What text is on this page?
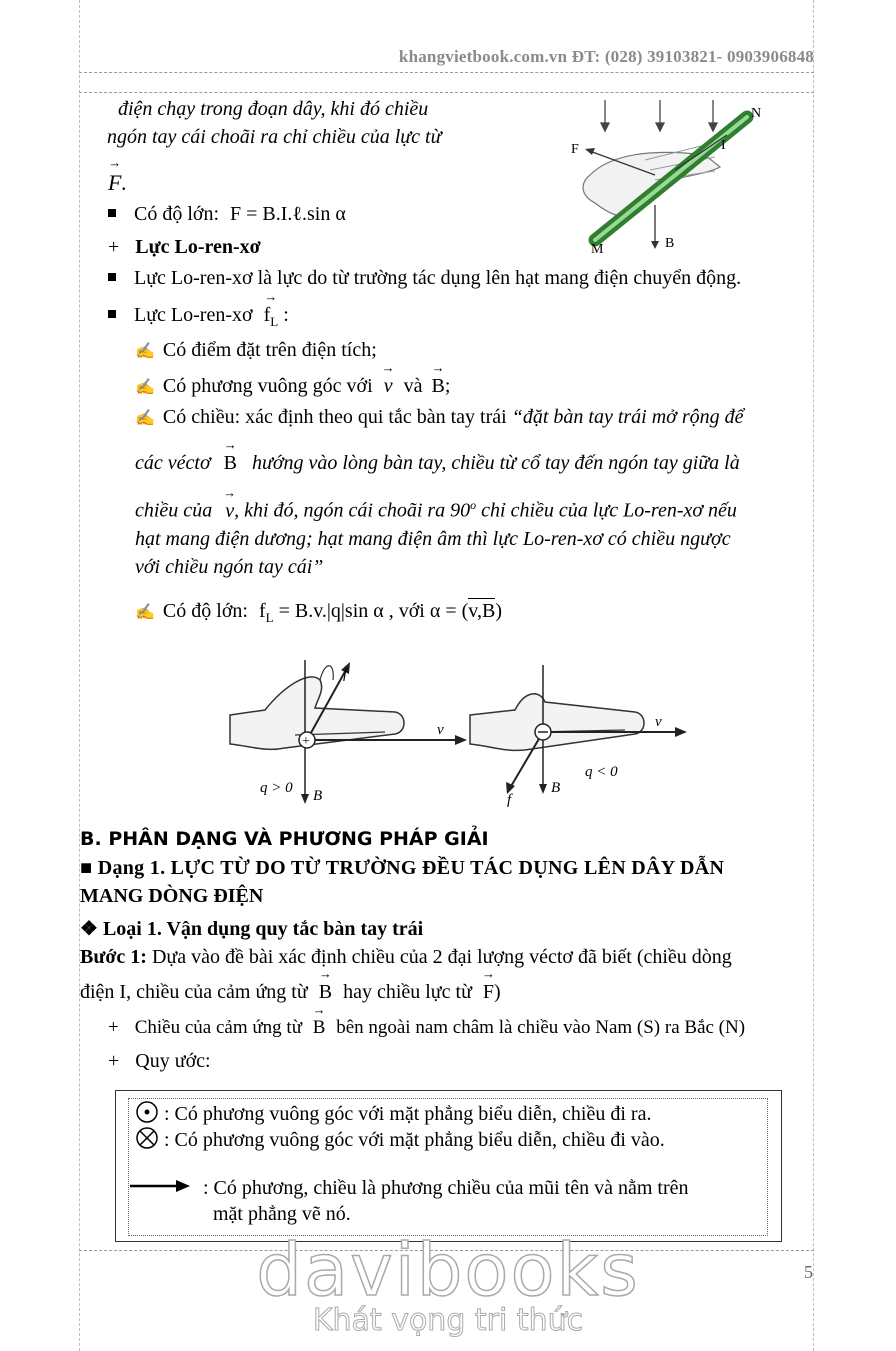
khangvietbook.com.vn ĐT: (028) 39103821- 0903906848
điện chạy trong đoạn dây, khi đó chiều
ngón tay cái choãi ra chỉ chiều của lực từ
→ F.
N
F	I
M	B
Có độ lớn: F = B.I.ℓ.sin α
+ Lực Lo-ren-xơ
Lực Lo-ren-xơ là lực do từ trường tác dụng lên hạt mang điện chuyển động.
Lực Lo-ren-xơ → $f_L$ :
✍ Có điểm đặt trên điện tích;
✍ Có phương vuông góc với → v và → B;
✍ Có chiều: xác định theo qui tắc bàn tay trái “đặt bàn tay trái mở rộng để
các véctơ → B hướng vào lòng bàn tay, chiều từ cổ tay đến ngón tay giữa là
chiều của → v, khi đó, ngón cái choãi ra 90$^o$ chỉ chiều của lực Lo-ren-xơ nếu
hạt mang điện dương; hạt mang điện âm thì lực Lo-ren-xơ có chiều ngược
với chiều ngón tay cái”
✍ Có độ lớn: $f_L = B.v.|q|\sin$ α , với α = (v,B)
+
f
v
q > 0 B
v
q < 0
B
f
B. PHÂN DẠNG VÀ PHƯƠNG PHÁP GIẢI
■ Dạng 1. LỰC TỪ DO TỪ TRƯỜNG ĐỀU TÁC DỤNG LÊN DÂY DẪN
MANG DÒNG ĐIỆN
❖ Loại 1. Vận dụng quy tắc bàn tay trái
Bước 1: Dựa vào đề bài xác định chiều của 2 đại lượng véctơ đã biết (chiều dòng
điện I, chiều của cảm ứng từ → B hay chiều lực từ → F)
+ Chiều của cảm ứng từ → B bên ngoài nam châm là chiều vào Nam (S) ra Bắc (N)
+ Quy ước:
: Có phương vuông góc với mặt phẳng biểu diễn, chiều đi ra.
: Có phương vuông góc với mặt phẳng biểu diễn, chiều đi vào.
: Có phương, chiều là phương chiều của mũi tên và nằm trên
mặt phẳng vẽ nó.
5
davibooks
Khát vọng tri thức
